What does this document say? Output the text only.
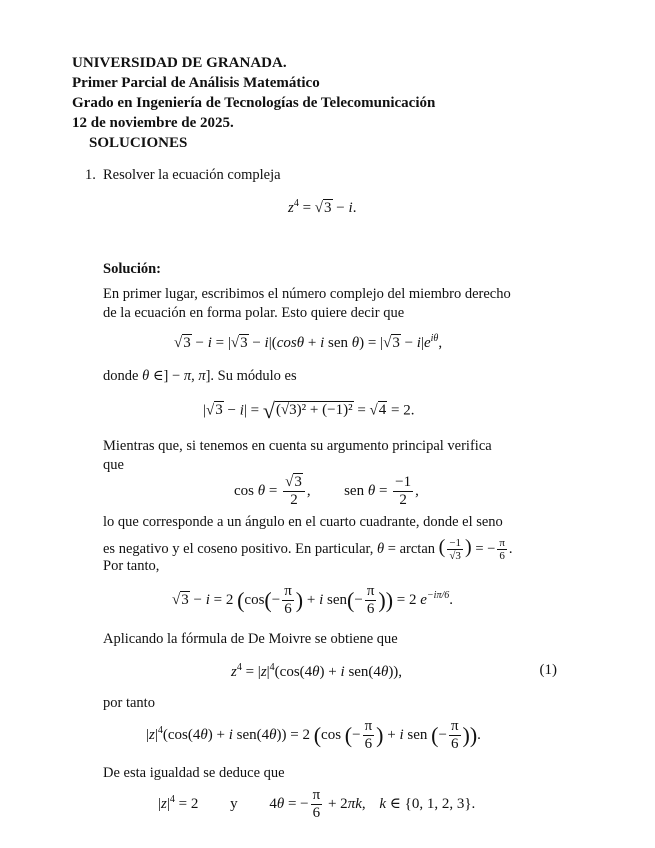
UNIVERSIDAD DE GRANADA.
Primer Parcial de Análisis Matemático
Grado en Ingeniería de Tecnologías de Telecomunicación
12 de noviembre de 2025.
SOLUCIONES
1. Resolver la ecuación compleja
$z^4 = √3 - i$.
Solución:
En primer lugar, escribimos el número complejo del miembro derecho
de la ecuación en forma polar. Esto quiere decir que
√3 − i = |√3 − i|(cosθ + i sen $\theta) = |√3 - i|e^{i\theta}$,
donde θ ∈] − π, π]. Su módulo es
|√3 − i| = √(√3)² + (−1)² = √4 = 2.
Mientras que, si tenemos en cuenta su argumento principal verifica
que
$\cos \theta = \frac{√3}{2}$ ,  sen $\theta = \frac{-1}{2}$ ,
lo que corresponde a un ángulo en el cuarto cuadrante, donde el seno
es negativo y el coseno positivo. En particular, θ = arctan ( $\frac{-1}{√3}$ ) = − $\frac{\pi}{6}$ .
Por tanto,
√3 − i = 2 ($\cos(- \frac{\pi}{6}$ ) + i $sen(- \frac{\pi}{6}$ )) = 2 $e^{-i\pi/6}$.
Aplicando la fórmula de De Moivre se obtiene que
$z^4 = |z|^4(\cos(4\theta) + i$ sen(4θ)),	(1)
por tanto
$|z|^4(\cos(4\theta) + i$ sen(4θ)) = 2 (cos (− $\frac{\pi}{6}$ ) + i sen (− $\frac{\pi}{6}$ )).
De esta igualdad se deduce que
$|z|^4 = 2$ y 4θ = − $\frac{\pi}{6} + 2\pi k$, k ∈ {0, 1, 2, 3}.
